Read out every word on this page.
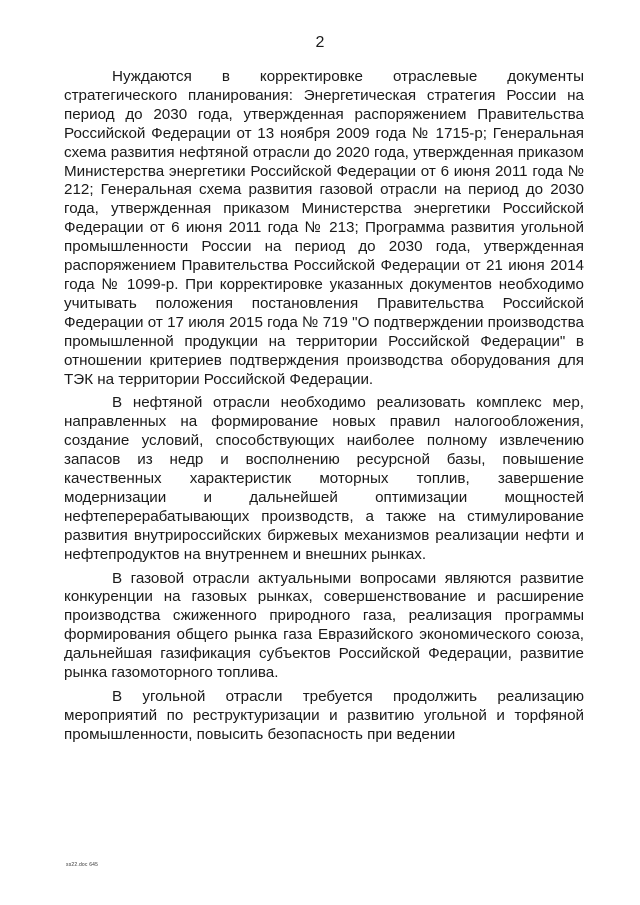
2

Нуждаются в корректировке отраслевые документы стратегического планирования: Энергетическая стратегия России на период до 2030 года, утвержденная распоряжением Правительства Российской Федерации от 13 ноября 2009 года № 1715-р; Генеральная схема развития нефтяной отрасли до 2020 года, утвержденная приказом Министерства энергетики Российской Федерации от 6 июня 2011 года № 212; Генеральная схема развития газовой отрасли на период до 2030 года, утвержденная приказом Министерства энергетики Российской Федерации от 6 июня 2011 года № 213; Программа развития угольной промышленности России на период до 2030 года, утвержденная распоряжением Правительства Российской Федерации от 21 июня 2014 года № 1099-р. При корректировке указанных документов необходимо учитывать положения постановления Правительства Российской Федерации от 17 июля 2015 года № 719 "О подтверждении производства промышленной продукции на территории Российской Федерации" в отношении критериев подтверждения производства оборудования для ТЭК на территории Российской Федерации.

В нефтяной отрасли необходимо реализовать комплекс мер, направленных на формирование новых правил налогообложения, создание условий, способствующих наиболее полному извлечению запасов из недр и восполнению ресурсной базы, повышение качественных характеристик моторных топлив, завершение модернизации и дальнейшей оптимизации мощностей нефтеперерабатывающих производств, а также на стимулирование развития внутрироссийских биржевых механизмов реализации нефти и нефтепродуктов на внутреннем и внешних рынках.

В газовой отрасли актуальными вопросами являются развитие конкуренции на газовых рынках, совершенствование и расширение производства сжиженного природного газа, реализация программы формирования общего рынка газа Евразийского экономического союза, дальнейшая газификация субъектов Российской Федерации, развитие рынка газомоторного топлива.

В угольной отрасли требуется продолжить реализацию мероприятий по реструктуризации и развитию угольной и торфяной промышленности, повысить безопасность при ведении

ss22.doc 645
